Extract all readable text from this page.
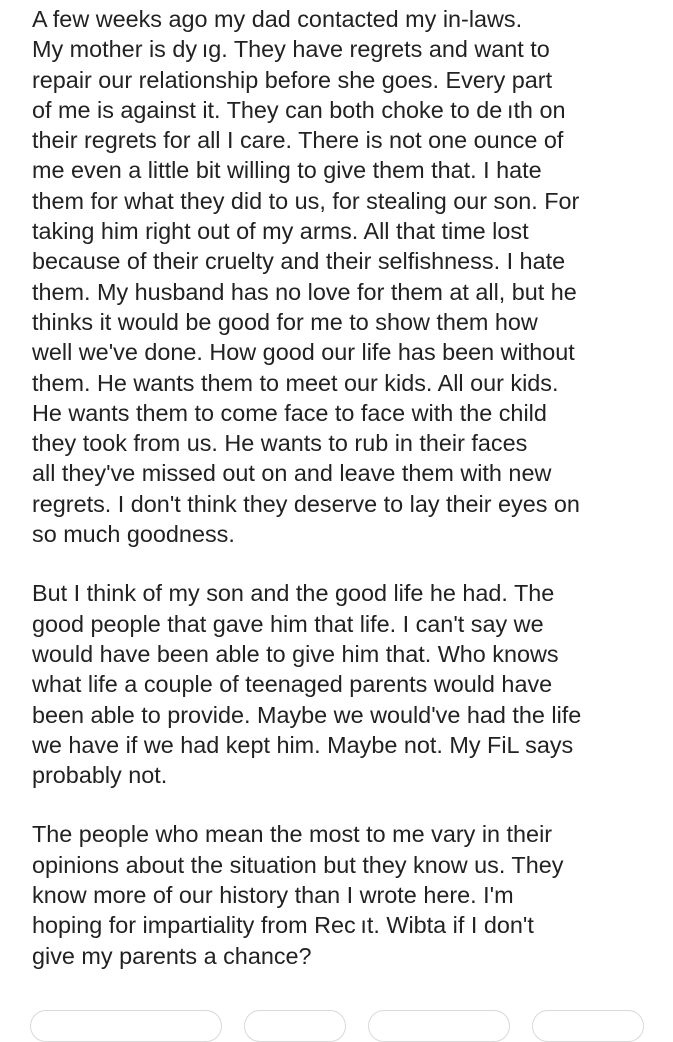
A few weeks ago my dad contacted my in-laws.
My mother is dy ıg. They have regrets and want to
repair our relationship before she goes. Every part
of me is against it. They can both choke to de ıth on
their regrets for all I care. There is not one ounce of
me even a little bit willing to give them that. I hate
them for what they did to us, for stealing our son. For
taking him right out of my arms. All that time lost
because of their cruelty and their selfishness. I hate
them. My husband has no love for them at all, but he
thinks it would be good for me to show them how
well we've done. How good our life has been without
them. He wants them to meet our kids. All our kids.
He wants them to come face to face with the child
they took from us. He wants to rub in their faces
all they've missed out on and leave them with new
regrets. I don't think they deserve to lay their eyes on
so much goodness.
But I think of my son and the good life he had. The
good people that gave him that life. I can't say we
would have been able to give him that. Who knows
what life a couple of teenaged parents would have
been able to provide. Maybe we would've had the life
we have if we had kept him. Maybe not. My FiL says
probably not.
The people who mean the most to me vary in their
opinions about the situation but they know us. They
know more of our history than I wrote here. I'm
hoping for impartiality from Rec ıt. Wibta if I don't
give my parents a chance?
